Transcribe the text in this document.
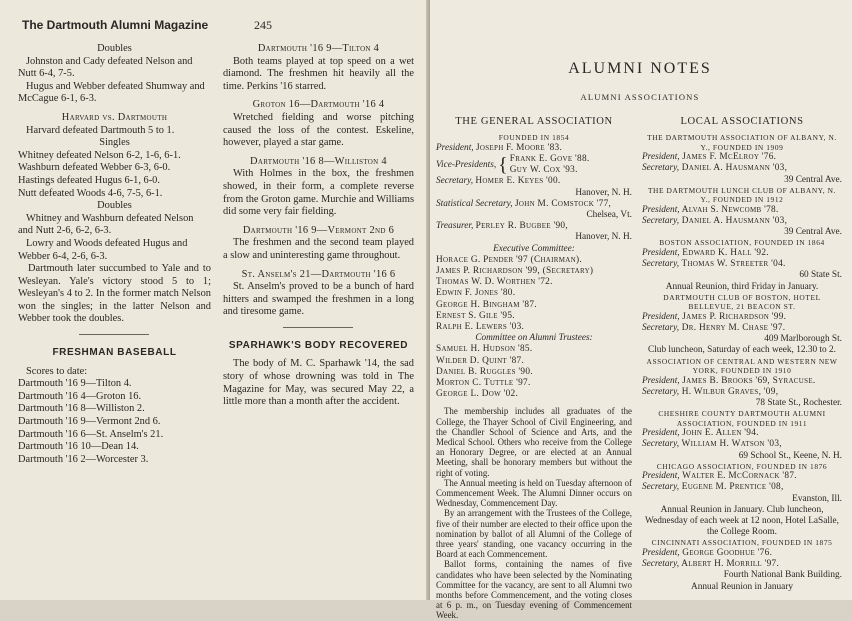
The Dartmouth Alumni Magazine	245
Doubles
Johnston and Cady defeated Nelson and Nutt 6-4, 7-5.
Hugus and Webber defeated Shumway and McCague 6-1, 6-3.
Harvard vs. Dartmouth
Harvard defeated Dartmouth 5 to 1.
Singles
Whitney defeated Nelson 6-2, 1-6, 6-1.
Washburn defeated Webber 6-3, 6-0.
Hastings defeated Hugus 6-1, 6-0.
Nutt defeated Woods 4-6, 7-5, 6-1.
Doubles
Whitney and Washburn defeated Nelson and Nutt 2-6, 6-2, 6-3.
Lowry and Woods defeated Hugus and Webber 6-4, 2-6, 6-3.
Dartmouth later succumbed to Yale and to Wesleyan. Yale's victory stood 5 to 1; Wesleyan's 4 to 2. In the former match Nelson won the singles; in the latter Nelson and Webber took the doubles.
FRESHMAN BASEBALL
Scores to date:
Dartmouth '16 9—Tilton 4.
Dartmouth '16 4—Groton 16.
Dartmouth '16 8—Williston 2.
Dartmouth '16 9—Vermont 2nd 6.
Dartmouth '16 6—St. Anselm's 21.
Dartmouth '16 10—Dean 14.
Dartmouth '16 2—Worcester 3.
Dartmouth '16 9—Tilton 4
Both teams played at top speed on a wet diamond. The freshmen hit heavily all the time. Perkins '16 starred.
Groton 16—Dartmouth '16 4
Wretched fielding and worse pitching caused the loss of the contest. Eskeline, however, played a star game.
Dartmouth '16 8—Williston 4
With Holmes in the box, the freshmen showed, in their form, a complete reverse from the Groton game. Murchie and Williams did some very fair fielding.
Dartmouth '16 9—Vermont 2nd 6
The freshmen and the second team played a slow and uninteresting game throughout.
St. Anselm's 21—Dartmouth '16 6
St. Anselm's proved to be a bunch of hard hitters and swamped the freshmen in a long and tiresome game.
SPARHAWK'S BODY RECOVERED
The body of M. C. Sparhawk '14, the sad story of whose drowning was told in The Magazine for May, was secured May 22, a little more than a month after the accident.
ALUMNI NOTES
ALUMNI ASSOCIATIONS
THE GENERAL ASSOCIATION
FOUNDED IN 1854
President,
Joseph F. Moore '83.
Vice-Presidents, { Frank E. Gove '88.
Guy W. Cox '93.
Secretary,
Homer E. Keyes '00.
Hanover, N. H.
Statistical Secretary,
John M. Comstock '77,
Chelsea, Vt.
Treasurer,
Perley R. Bugbee '90,
Hanover, N. H.
Executive Committee:
Horace G. Pender '97 (Chairman).
James P. Richardson '99, (Secretary)
Thomas W. D. Worthen '72.
Edwin F. Jones '80.
George H. Bingham '87.
Ernest S. Gile '95.
Ralph E. Lewers '03.
Committee on Alumni Trustees:
Samuel H. Hudson '85.
Wilder D. Quint '87.
Daniel B. Ruggles '90.
Morton C. Tuttle '97.
George L. Dow '02.
The membership includes all graduates of the College, the Thayer School of Civil Engineering, and the Chandler School of Science and Arts, and the Medical School. Others who receive from the College an Honorary Degree, or are elected at an Annual Meeting, shall be honorary members but without the right of voting.
The Annual meeting is held on Tuesday afternoon of Commencement Week. The Alumni Dinner occurs on Wednesday, Commencement Day.
By an arrangement with the Trustees of the College, five of their number are elected to their office upon the nomination by ballot of all Alumni of the College of three years' standing, one vacancy occurring in the Board at each Commencement.
Ballot forms, containing the names of five candidates who have been selected by the Nominating Committee for the vacancy, are sent to all Alumni two months before Commencement, and the voting closes at 6 p. m., on Tuesday evening of Commencement Week.
LOCAL ASSOCIATIONS
THE DARTMOUTH ASSOCIATION OF ALBANY, N. Y., FOUNDED IN 1909
President, James F. McElroy '76.
Secretary, Daniel A. Hausmann '03,
39 Central Ave.
THE DARTMOUTH LUNCH CLUB OF ALBANY, N. Y., FOUNDED IN 1912
President, Alvah S. Newcomb '78.
Secretary, Daniel A. Hausmann '03,
39 Central Ave.
BOSTON ASSOCIATION, FOUNDED IN 1864
President, Edward K. Hall '92.
Secretary, Thomas W. Streeter '04.
60 State St.
Annual Reunion, third Friday in January.
DARTMOUTH CLUB OF BOSTON, HOTEL BELLEVUE, 21 BEACON ST.
President, James P. Richardson '99.
Secretary, Dr. Henry M. Chase '97.
409 Marlborough St.
Club luncheon, Saturday of each week, 12.30 to 2.
ASSOCIATION OF CENTRAL AND WESTERN NEW YORK, FOUNDED IN 1910
President, James B. Brooks '69, Syracuse.
Secretary, H. Wilbur Graves, '09,
78 State St., Rochester.
CHESHIRE COUNTY DARTMOUTH ALUMNI ASSOCIATION, FOUNDED IN 1911
President, John E. Allen '94.
Secretary, William H. Watson '03,
69 School St., Keene, N. H.
CHICAGO ASSOCIATION, FOUNDED IN 1876
President, Walter E. McCornack '87.
Secretary, Eugene M. Prentice '08,
Evanston, Ill.
Annual Reunion in January. Club luncheon, Wednesday of each week at 12 noon, Hotel LaSalle, the College Room.
CINCINNATI ASSOCIATION, FOUNDED IN 1875
President, George Goodhue '76.
Secretary, Albert H. Morrill '97.
Fourth National Bank Building.
Annual Reunion in January
